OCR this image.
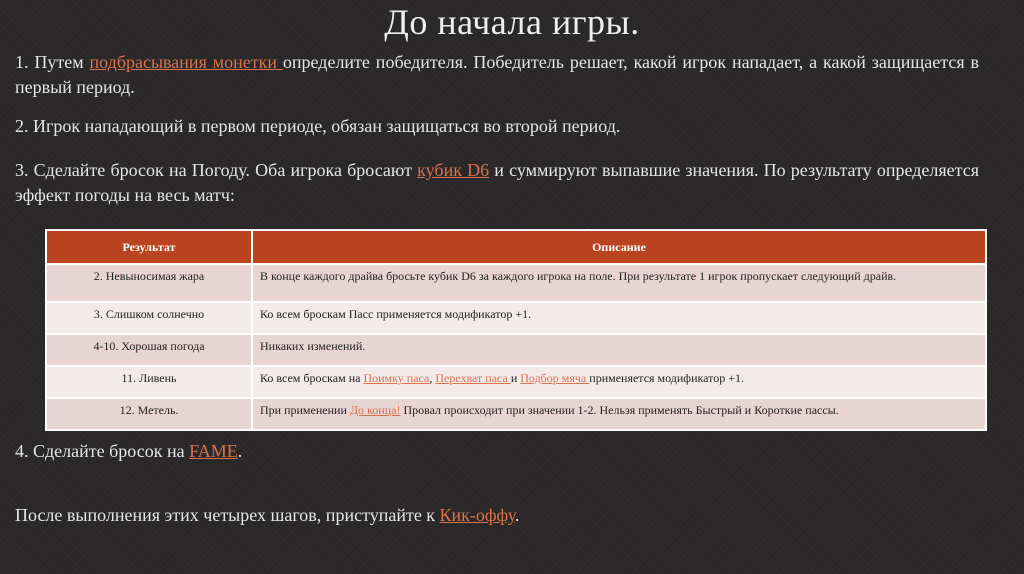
До начала игры.
1. Путем подбрасывания монетки определите победителя. Победитель решает, какой игрок нападает, а какой защищается в первый период.
2. Игрок нападающий в первом периоде, обязан защищаться во второй период.
3. Сделайте бросок на Погоду. Оба игрока бросают кубик D6 и суммируют выпавшие значения. По результату определяется эффект погоды на весь матч:
Результат	Описание
2. Невыносимая жара	В конце каждого драйва бросьте кубик D6 за каждого игрока на поле. При результате 1 игрок пропускает следующий драйв.
3. Слишком солнечно	Ко всем броскам Пасс применяется модификатор +1.
4-10. Хорошая погода	Никаких изменений.
11. Ливень	Ко всем броскам на Поимку паса, Перехват паса и Подбор мяча применяется модификатор +1.
12. Метель.	При применении До конца! Провал происходит при значении 1-2. Нельзя применять Быстрый и Короткие пассы.
4. Сделайте бросок на FAME.
После выполнения этих четырех шагов, приступайте к Кик-оффу.
